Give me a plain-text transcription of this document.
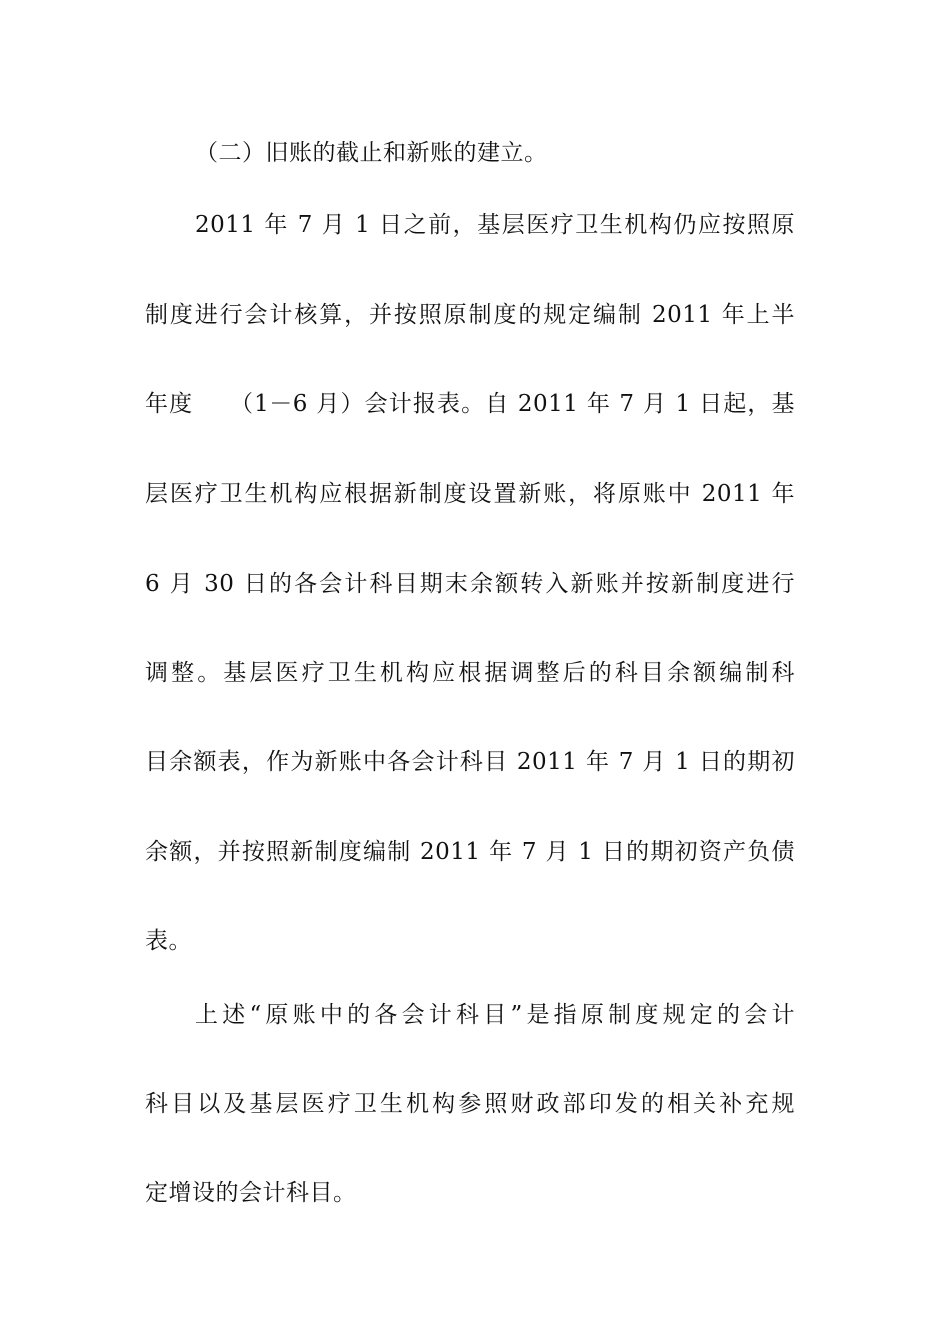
（二）旧账的截止和新账的建立。
2011 年 7 月 1 日之前，基层医疗卫生机构仍应按照原
制度进行会计核算，并按照原制度的规定编制 2011 年上半
年度　　（1－6 月）会计报表。自 2011 年 7 月 1 日起，基
层医疗卫生机构应根据新制度设置新账，将原账中 2011 年
6 月 30 日的各会计科目期末余额转入新账并按新制度进行
调整。基层医疗卫生机构应根据调整后的科目余额编制科
目余额表，作为新账中各会计科目 2011 年 7 月 1 日的期初
余额，并按照新制度编制 2011 年 7 月 1 日的期初资产负债
表。
上述“原账中的各会计科目”是指原制度规定的会计
科目以及基层医疗卫生机构参照财政部印发的相关补充规
定增设的会计科目。
